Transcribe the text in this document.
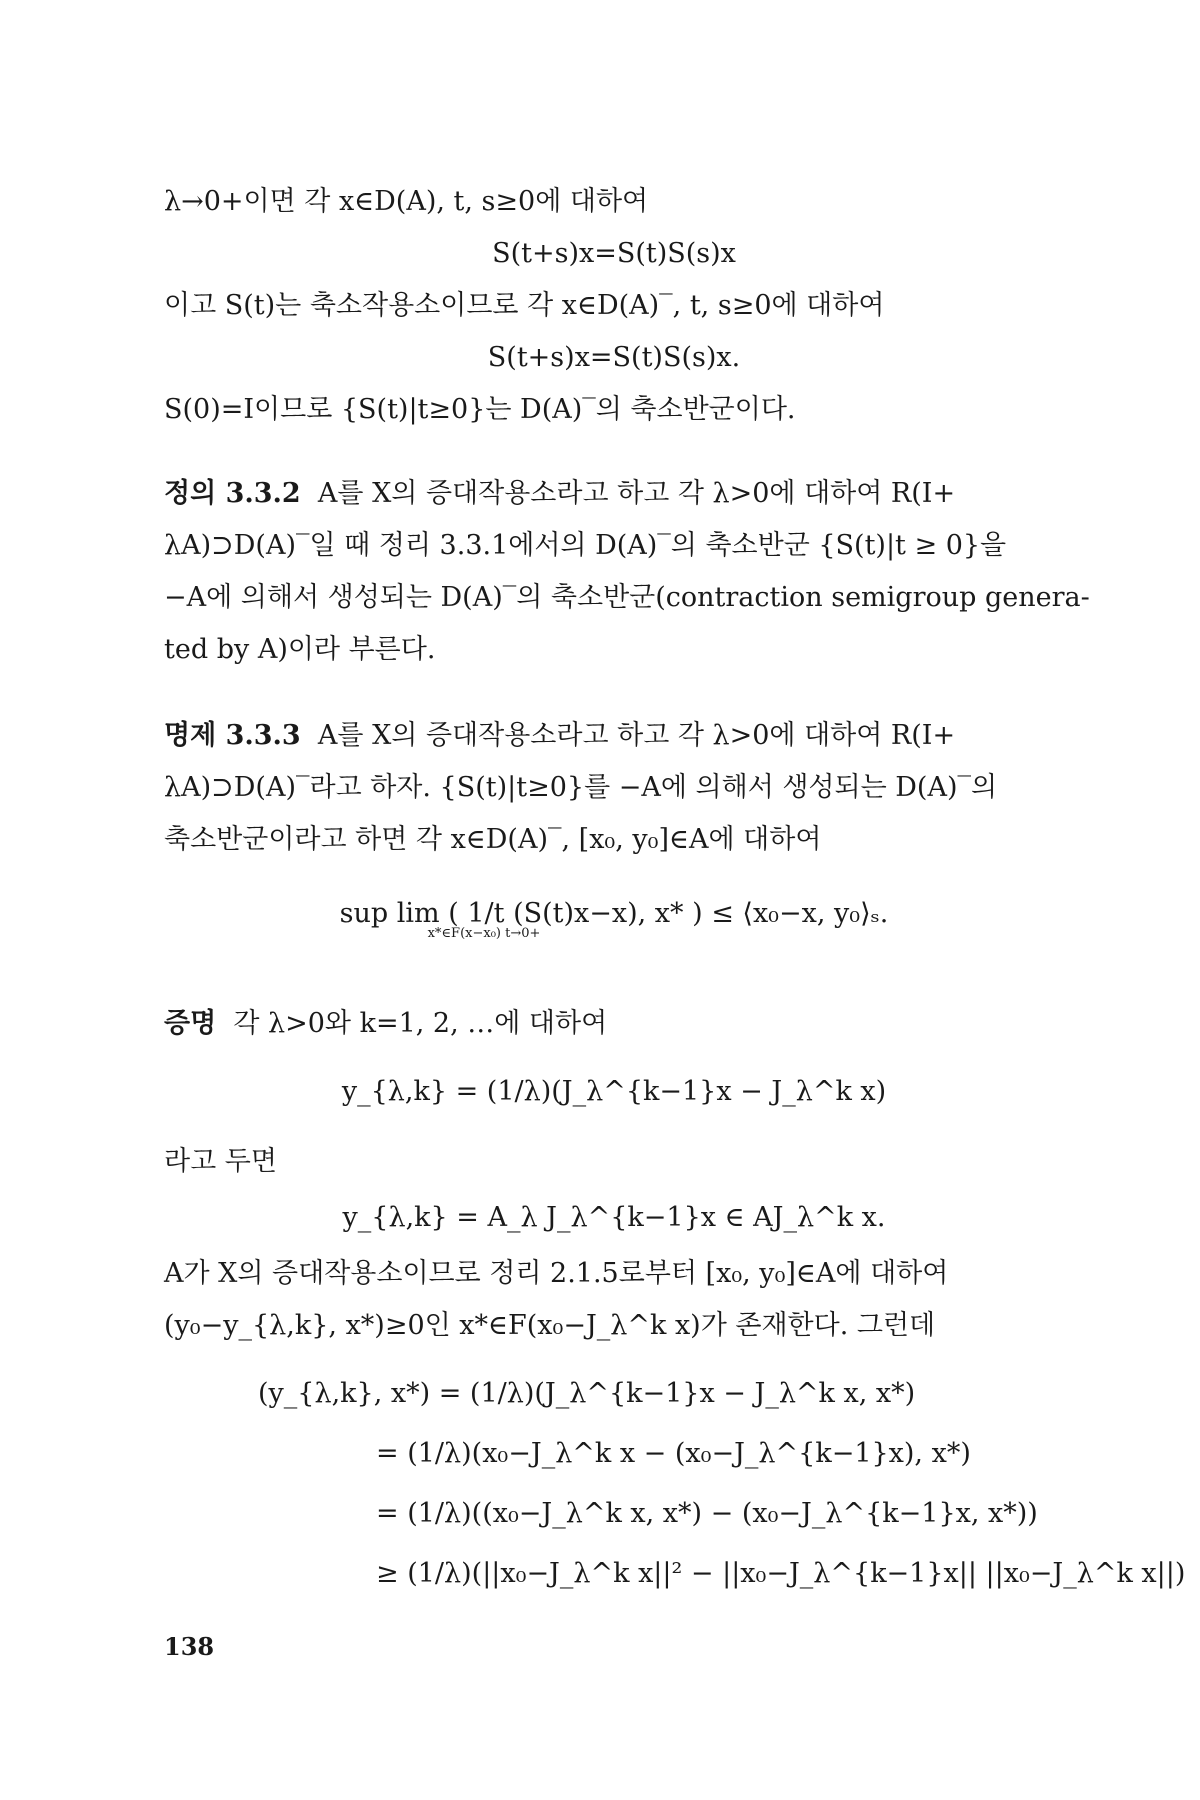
λ→0+이면 각 x∈D(A), t, s≥0에 대하여
S(t+s)x=S(t)S(s)x
이고 S(t)는 축소작용소이므로 각 x∈D(A)‾, t, s≥0에 대하여
S(t+s)x=S(t)S(s)x.
S(0)=I이므로 {S(t)|t≥0}는 D(A)‾의 축소반군이다.
정의 3.3.2 A를 X의 증대작용소라고 하고 각 λ>0에 대하여 R(I+
λA)⊃D(A)‾일 때 정리 3.3.1에서의 D(A)‾의 축소반군 {S(t)|t ≥ 0}을
−A에 의해서 생성되는 D(A)‾의 축소반군(contraction semigroup genera-
ted by A)이라 부른다.
명제 3.3.3 A를 X의 증대작용소라고 하고 각 λ>0에 대하여 R(I+
λA)⊃D(A)‾라고 하자. {S(t)|t≥0}를 −A에 의해서 생성되는 D(A)‾의
축소반군이라고 하면 각 x∈D(A)‾, [x₀, y₀]∈A에 대하여
sup lim ( 1/t (S(t)x−x), x* ) ≤ ⟨x₀−x, y₀⟩ₛ.
x*∈F(x−x₀) t→0+
증명 각 λ>0와 k=1, 2, …에 대하여
y_{λ,k} = (1/λ)(J_λ^{k−1}x − J_λ^k x)
라고 두면
y_{λ,k} = A_λ J_λ^{k−1}x ∈ AJ_λ^k x.
A가 X의 증대작용소이므로 정리 2.1.5로부터 [x₀, y₀]∈A에 대하여
(y₀−y_{λ,k}, x*)≥0인 x*∈F(x₀−J_λ^k x)가 존재한다. 그런데
(y_{λ,k}, x*) = (1/λ)(J_λ^{k−1}x − J_λ^k x, x*)
= (1/λ)(x₀−J_λ^k x − (x₀−J_λ^{k−1}x), x*)
= (1/λ)((x₀−J_λ^k x, x*) − (x₀−J_λ^{k−1}x, x*))
≥ (1/λ)(||x₀−J_λ^k x||² − ||x₀−J_λ^{k−1}x|| ||x₀−J_λ^k x||)
138
